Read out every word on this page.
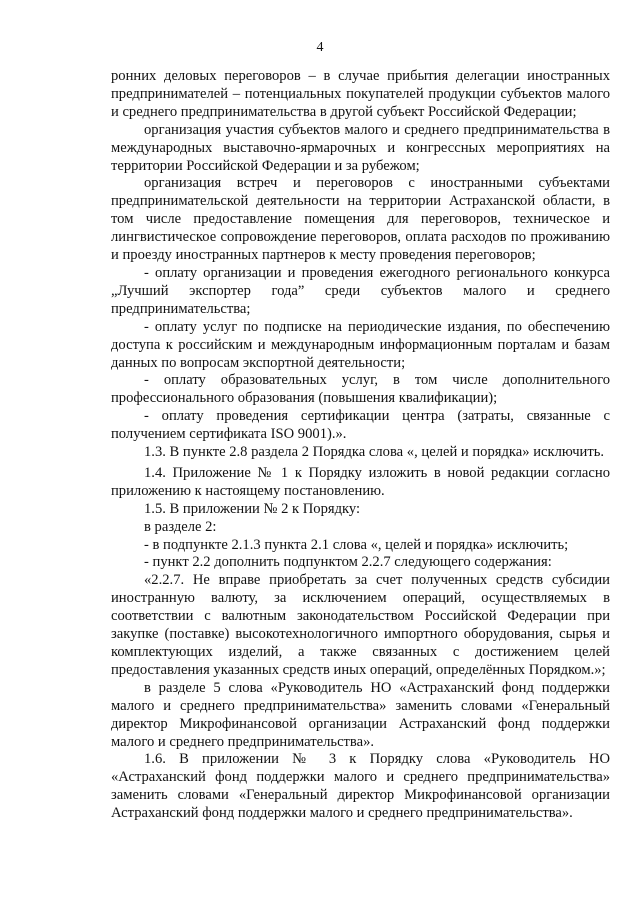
4

ронних деловых переговоров – в случае прибытия делегации иностранных предпринимателей – потенциальных покупателей продукции субъектов малого и среднего предпринимательства в другой субъект Российской Федерации;

организация участия субъектов малого и среднего предпринимательства в международных выставочно-ярмарочных и конгрессных мероприятиях на территории Российской Федерации и за рубежом;

организация встреч и переговоров с иностранными субъектами предпринимательской деятельности на территории Астраханской области, в том числе предоставление помещения для переговоров, техническое и лингвистическое сопровождение переговоров, оплата расходов по проживанию и проезду иностранных партнеров к месту проведения переговоров;

- оплату организации и проведения ежегодного регионального конкурса „Лучший экспортер года” среди субъектов малого и среднего предпринимательства;

- оплату услуг по подписке на периодические издания, по обеспечению доступа к российским и международным информационным порталам и базам данных по вопросам экспортной деятельности;

- оплату образовательных услуг, в том числе дополнительного профессионального образования (повышения квалификации);

- оплату проведения сертификации центра (затраты, связанные с получением сертификата ISO 9001).».

1.3. В пункте 2.8 раздела 2 Порядка слова «, целей и порядка» исключить.

1.4. Приложение № 1 к Порядку изложить в новой редакции согласно приложению к настоящему постановлению.

1.5. В приложении № 2 к Порядку:

в разделе 2:

- в подпункте 2.1.3 пункта 2.1 слова «, целей и порядка» исключить;

- пункт 2.2 дополнить подпунктом 2.2.7 следующего содержания:

«2.2.7. Не вправе приобретать за счет полученных средств субсидии иностранную валюту, за исключением операций, осуществляемых в соответствии с валютным законодательством Российской Федерации при закупке (поставке) высокотехнологичного импортного оборудования, сырья и комплектующих изделий, а также связанных с достижением целей предоставления указанных средств иных операций, определённых Порядком.»;

в разделе 5 слова «Руководитель НО «Астраханский фонд поддержки малого и среднего предпринимательства» заменить словами «Генеральный директор Микрофинансовой организации Астраханский фонд поддержки малого и среднего предпринимательства».

1.6. В приложении № 3 к Порядку слова «Руководитель НО «Астраханский фонд поддержки малого и среднего предпринимательства» заменить словами «Генеральный директор Микрофинансовой организации Астраханский фонд поддержки малого и среднего предпринимательства».
